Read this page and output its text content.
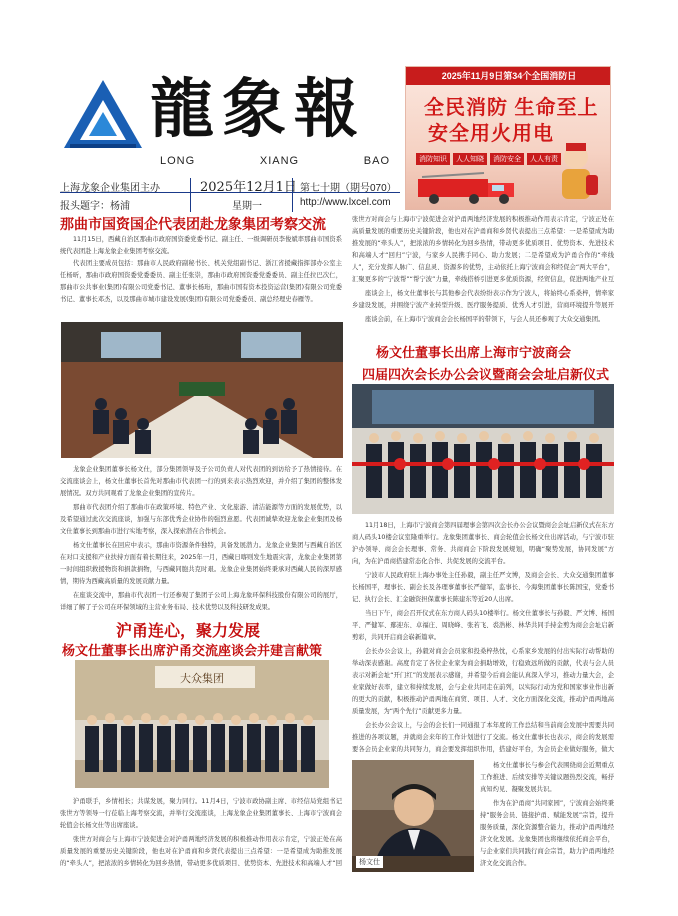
龍象報
LONG	XIANG	BAO
上海龙象企业集团主办
报头题字：杨浦
2025年12月1日
星期一
第七十期（期号070）
http://www.lxcel.com
2025年11月9日第34个全国消防日
全民消防 生命至上
安全用火用电
消防知识	人人知晓	消防安全	人人有责
那曲市国资国企代表团赴龙象集团考察交流
11月15日，西藏自治区那曲市政府国资委党委书记、副主任、一级调研员李俊斌率那曲市国资系统代表团赴上海龙象企业集团考察交流。
代表团主要成员包括：那曲市人民政府副秘书长、机关党组副书记、浙江省援藏指挥部办公室主任杨昕，那曲市政府国资委党委委员、副主任张崇，那曲市政府国资委党委委员、副主任拉巴次仁，那曲市公共事业(集团)有限公司党委书记、董事长杨珩，那曲市国有资本投资运营(集团)有限公司党委书记、董事长邓杰，以及那曲市城市建设发展(集团)有限公司党委委员、副总经理史春雁等。
龙象企业集团董事长杨文仕，部分集团领导及子公司负责人对代表团的到访给予了热情接待。在交流座谈会上，杨文仕董事长首先对那曲市代表团一行的到来表示热烈欢迎，并介绍了集团的整体发展情况。双方共同观看了龙象企业集团的宣传片。
那曲市代表团介绍了那曲市在政策环境、特色产业、文化旅游、清洁能源等方面的发展优势，以及希望通过此次交流座谈，加强与东部优秀企业协作的强烈意愿。代表团诚挚欢迎龙象企业集团及杨文仕董事长到那曲市进行实地考察，深入探索潜在合作机会。
杨文仕董事长在回应中表示，那曲市资源条件独特，具备发展潜力。龙象企业集团与西藏自治区在对口支援和产业扶持方面有着长期往来，2025年一月，西藏日喀则发生地震灾害，龙象企业集团第一时间组织救援物资和捐款捐物，与西藏同胞共克时艰。龙象企业集团始终秉承对西藏人民的深厚感情，期待为西藏高质量的发展贡献力量。
在座谈交流中，那曲市代表团一行还参观了集团子公司上海龙象环保科技股份有限公司的展厅，详细了解了子公司在环保领域的主营业务布局、技术优势以及科技研发成果。
沪甬连心，聚力发展
杨文仕董事长出席沪甬交流座谈会并建言献策
大众集团
沪甬联手，乡情相长；共谋发展，聚力同行。11月4日，宁波市政协副主席、市经信局党组书记张世方等领导一行莅临上海考察交流，并举行交流座谈，上海龙象企业集团董事长、上海市宁波商会轮值会长杨文仕等出席座谈。
张世方对商会与上海市宁波促进会对沪甬两地经济发展的积极推动作用表示肯定，宁波正处在高质量发展的重要历史关键阶段，他也对在沪甬商和乡贤代表提出三点希望：一是希望成为助推发展的“牵头人”，把浓浓的乡情转化为回乡热情，带动更多优质项目、优势资本、先进技术和高端人才“回
张世方对商会与上海市宁波促进会对沪甬两地经济发展的积极推动作用表示肯定，宁波正处在高质量发展的重要历史关键阶段，他也对在沪甬商和乡贤代表提出三点希望：一是希望成为助推发展的“牵头人”，把浓浓的乡情转化为回乡热情，带动更多优质项目、优势资本、先进技术和高端人才“回归”宁波，与家乡人民携手同心、助力发展；二是希望成为沪甬合作的“牵线人”，充分发挥人脉广、信息灵、资源多的优势，主动依托上海宁波商会和经促会“两大平台”，汇聚更多的“宁波帮”“帮宁波”力量，牵线搭桥引进更多优质资源，经贸信息，促进两地产业互
座谈会上，杨文仕董事长与其他参会代表纷纷表示作为宁波人，将始终心系桑梓，情牵家乡建设发展，并围绕宁波产业转型升级、医疗服务提质、优秀人才引进，营商环境提升等展开
座谈会前，在上海市宁波商会会长杨国平的带领下，与会人员还参观了大众交通集团。
杨文仕董事长出席上海市宁波商会
四届四次会长办公会议暨商会会址启新仪式
11月18日，上海市宁波商会第四届理事会第四次会长办公会议暨商会会址启新仪式在东方商人码头10楼会议室隆重举行。龙象集团董事长、商会轮值会长杨文仕出席活动，与宁波市驻沪办领导、商会会长理事、常务、共商商会下阶段发展规划，明确“聚势发展，协同发展”方向，为在沪甬商搭建常态化合作、共促发展的交流平台。
宁波市人民政府驻上海办事处主任孙毅，副主任严文博，及商会会长、大众交通集团董事长杨国平，理事长、副会长及各理事董事长严健军，监事长、今海集团董事长陈国宝，党委书记、执行会长、汇金融资担保董事长陈建东等近20人出席。
当日下午，商会召开仪式在东方商人码头10楼举行。杨文仕董事长与孙毅、严文博、杨国平、严健军、鄢迎东、卓福庄、周晓峰、张若飞、裘浩彬、林华共同手持金剪为商会会址启新剪彩，共同开启商会崭新篇章。
会长办公会议上，孙毅对商会会员家和投桑梓热忱，心系家乡发展的付出实际行动帮助的举动深表感谢。高度肯定了各位企业家为商会捐助增效，行稳致远所做的贡献，代表与会人员表示对新会址“开门红”的发展表示感谢，并希望今后商会能认真深入学习，推动力量大会，企业家做好表率，建立和持续发展，会与企业共同走在前列，以实际行动为党和国家事业作出新的更大的贡献，积极推动沪甬两地在商贸、项目、人才、文化方面深化交流，推动沪甬两地高质量发展，为“两个先行”贡献更多力量。
会长办公会议上，与会的会长们一同通报了本年度的工作总结和当前商会发展中需要共同推进的各项议题，并就商会来年的工作计划进行了交流。杨文仕董事长也表示，商会的发展需要各会员企业家的共同努力，商会要发挥组织作用，搭建好平台，为会员企业做好服务，做大
杨文仕
杨文仕董事长与参会代表围绕商会近期重点工作推进、后续安排等关键议题热烈交流，畅抒真知灼见、凝聚发展共识。
作为在沪甬商“共同家园”，宁波商会始终秉持“服务会员、链接护甬、赋能发展”宗旨，提升服务质量，深化资源整合能力，推动沪甬两地经济文化发展。龙象集团也将继续依托商会平台，与企业家们共同践行商会宗旨，助力沪甬两地经济文化交流合作。
